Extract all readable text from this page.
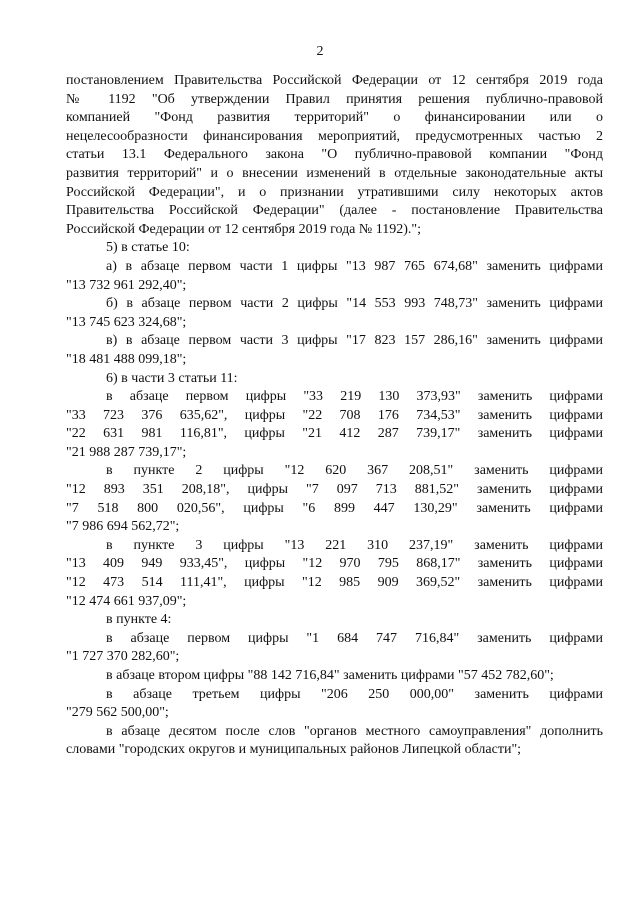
2
постановлением Правительства Российской Федерации от 12 сентября 2019 года
№ 1192 "Об утверждении Правил принятия решения публично-правовой
компанией "Фонд развития территорий" о финансировании или о
нецелесообразности финансирования мероприятий, предусмотренных частью 2
статьи 13.1 Федерального закона "О публично-правовой компании "Фонд
развития территорий" и о внесении изменений в отдельные законодательные акты
Российской Федерации", и о признании утратившими силу некоторых актов
Правительства Российской Федерации" (далее - постановление Правительства
Российской Федерации от 12 сентября 2019 года № 1192).";
5) в статье 10:
а) в абзаце первом части 1 цифры "13 987 765 674,68" заменить цифрами
"13 732 961 292,40";
б) в абзаце первом части 2 цифры "14 553 993 748,73" заменить цифрами
"13 745 623 324,68";
в) в абзаце первом части 3 цифры "17 823 157 286,16" заменить цифрами
"18 481 488 099,18";
6) в части 3 статьи 11:
в абзаце первом цифры "33 219 130 373,93" заменить цифрами
"33 723 376 635,62", цифры "22 708 176 734,53" заменить цифрами
"22 631 981 116,81", цифры "21 412 287 739,17" заменить цифрами
"21 988 287 739,17";
в пункте 2 цифры "12 620 367 208,51" заменить цифрами
"12 893 351 208,18", цифры "7 097 713 881,52" заменить цифрами
"7 518 800 020,56", цифры "6 899 447 130,29" заменить цифрами
"7 986 694 562,72";
в пункте 3 цифры "13 221 310 237,19" заменить цифрами
"13 409 949 933,45", цифры "12 970 795 868,17" заменить цифрами
"12 473 514 111,41", цифры "12 985 909 369,52" заменить цифрами
"12 474 661 937,09";
в пункте 4:
в абзаце первом цифры "1 684 747 716,84" заменить цифрами
"1 727 370 282,60";
в абзаце втором цифры "88 142 716,84" заменить цифрами "57 452 782,60";
в абзаце третьем цифры "206 250 000,00" заменить цифрами
"279 562 500,00";
в абзаце десятом после слов "органов местного самоуправления" дополнить
словами "городских округов и муниципальных районов Липецкой области";
